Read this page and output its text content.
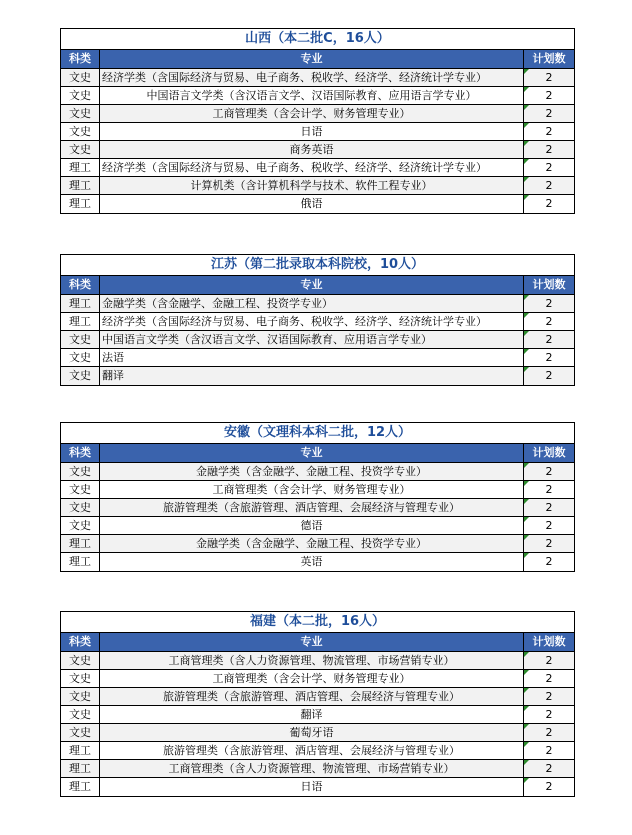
山西（本二批C，16人）
科类	专业	计划数
文史	经济学类（含国际经济与贸易、电子商务、税收学、经济学、经济统计学专业）	2
文史	中国语言文学类（含汉语言文学、汉语国际教育、应用语言学专业）	2
文史	工商管理类（含会计学、财务管理专业）	2
文史	日语	2
文史	商务英语	2
理工	经济学类（含国际经济与贸易、电子商务、税收学、经济学、经济统计学专业）	2
理工	计算机类（含计算机科学与技术、软件工程专业）	2
理工	俄语	2
江苏（第二批录取本科院校，10人）
科类	专业	计划数
理工	金融学类（含金融学、金融工程、投资学专业）	2
理工	经济学类（含国际经济与贸易、电子商务、税收学、经济学、经济统计学专业）	2
文史	中国语言文学类（含汉语言文学、汉语国际教育、应用语言学专业）	2
文史	法语	2
文史	翻译	2
安徽（文理科本科二批，12人）
科类	专业	计划数
文史	金融学类（含金融学、金融工程、投资学专业）	2
文史	工商管理类（含会计学、财务管理专业）	2
文史	旅游管理类（含旅游管理、酒店管理、会展经济与管理专业）	2
文史	德语	2
理工	金融学类（含金融学、金融工程、投资学专业）	2
理工	英语	2
福建（本二批，16人）
科类	专业	计划数
文史	工商管理类（含人力资源管理、物流管理、市场营销专业）	2
文史	工商管理类（含会计学、财务管理专业）	2
文史	旅游管理类（含旅游管理、酒店管理、会展经济与管理专业）	2
文史	翻译	2
文史	葡萄牙语	2
理工	旅游管理类（含旅游管理、酒店管理、会展经济与管理专业）	2
理工	工商管理类（含人力资源管理、物流管理、市场营销专业）	2
理工	日语	2
